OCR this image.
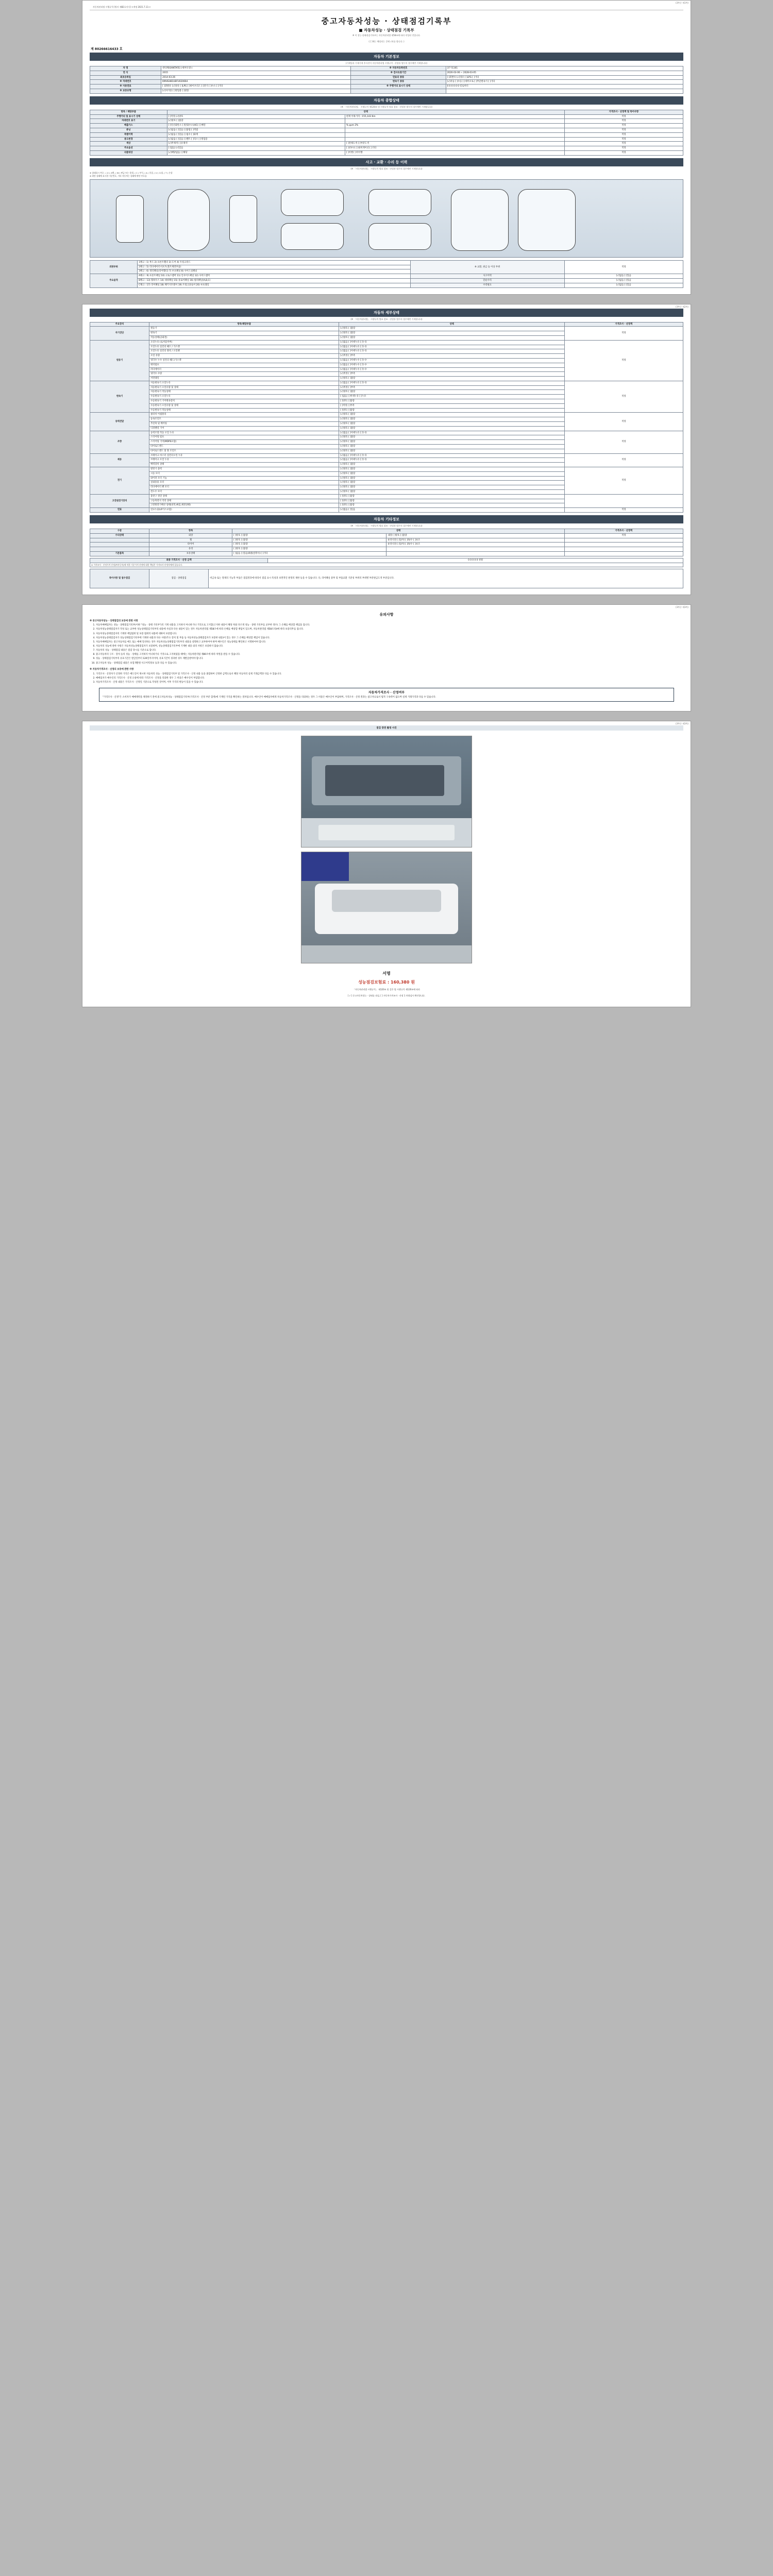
(3쪽중 제1쪽)
자동차관리법 시행규칙 [별지 제82호서식] <개정 2021.7.13.>
중고자동차성능 · 상태점검기록부
■ 자동차성능 · 상태점검 기록부
※ 이 성능·상태점검기록부는 자동차관리법 제58조에 따라 작성된 것입니다.
( [ ]에는 해당되는 곳에 √표를 합니다. )
제 80266616433 호
자동차 기본정보
(기재일과 기재기재 후사진이 자동차관리법 시행규칙 · 산업통 법무의 경우에만 기재합니다)
차 명	싼타페(SANTAFE) (세부모델-)	※ 자동차등록번호	37가1161
연 식	2015	※ 검사유효기간	2026-03-06 ~ 2028-03-05
최초등록일	2014-03-26	연료의 종류	[ ]휘발유 [√]경유 [ ]LPG [ ]기타
※ 차대번호	KMHSH81UBFU020664	변속기 종류	[√]자동 [ ]수동 [ ]세미오토 [ ]무단변속기 [ ]기타
※ 사용연료	[ ]휘발유 [√]경유 [ ]LPG [ ]하이브리드 [ ]전기 [ ]수소 [ ]기타	※ 주행거리 표시기 상태	0 0 0 0 0 0 킬로미터
※ 보증유형	[√]자가용 [ ]영업용 [ ]관용		
자동차 종합상태
(※ 「자동차관리법」 시행규칙 제120조 및 시행규칙 별표 참조 · 산업통 법무의 경우에만 기재합니다)
항목 / 해당부품	상태		가격조사 · 산정액 및 특이사항
주행거리 및 표시기 상태	[ ]적정 [√]양호	현재 이륙거리 : 155,143 Km	적정
차대번호 표기	[√]양호 [ ]불량		적정
배출가스	[ ]일산화탄소 [ ]탄화수소(HC) [ ]매연	% ppm 2%	적정
튜닝	[√]없음 [ ]있음 [ ]불법 [ ]적법		적정
특별이력	[√]없음 [ ]있음 [ ]침수 [ ]화재		적정
용도변경	[√]없음 [ ]있음 [ ]렌트 [ ]리스 [ ]영업용		적정
색상	[√]무채색 [ ]유채색	[ ]전체도색 [ ]부분도색	적정
주요옵션	[ ]없음 [√]있음	[ ]선루프 [ ]내비게이션 [ ]기타	적정
리콜대상	[√]해당없음 [ ]해당	[ ]이행 [ ]미이행	적정
사고 · 교환 · 수리 등 이력
(※ 「자동차관리법」 시행규칙 별표 참조 · 산업통 법무의 경우에만 기재합니다)
※ 상태표시 부호 : ( X ) 교환, ( W ) 판금 또는 용접, ( C ) 부식, ( A ) 흠집, ( U ) 요철, ( T ) 손상
※ 하단 상태에 표시한 기준번호, 기타 자동차는 상태에 판단 부호를
외판부위	1랭크 : 1) 후드 2) 프론트휀더 3) 도어 4) 트렁크리드	※ 교환, 판금 등 이상 부위	적정
	2랭크 : 5) 라디에이터서포트(볼트체결부품)		
	3랭크 : 6) 쿼터패널(리어휀더) 7) 루프패널 8) 사이드실패널		
주요골격	A랭크 : 9) 프론트패널 10) 크로스멤버 11) 인사이드패널 12) 사이드멤버	사고이력	[√]없음 [ ]있음
	B랭크 : 13) 휠하우스 14) 대쉬패널 15) 플로어패널 16) 필러패널(A,B,C)	단순수리	[√]없음 [ ]있음
	C랭크 : 17) 리어패널 18) 패키지트레이 19) 트렁크플로어 20) 루프레일	수리필요	[√]없음 [ ]있음
(3쪽중 제2쪽)
자동차 세부상태
(※ 「자동차관리법」 시행규칙 별표 참조 · 산업통 법무의 경우에만 기재합니다)
주요장치	항목/해당부품	상태	가격조사 · 산정액
자기진단	원동기	[√]양호 [ ]불량	적정
	변속기	[√]양호 [ ]불량	
	작동상태(공회전)	[√]양호 [ ]불량	
원동기	오일누유 (로커암커버)	[√]없음 [ ]미세누유 [ ]누유	적정
	오일누유 실린더 헤드 / 가스켓	[√]없음 [ ]미세누유 [ ]누유	
	오일누유 실린더 블록 / 오일팬	[√]없음 [ ]미세누유 [ ]누유	
	오일 유량	[√]적정 [ ]부족	
	냉각수 누수 실린더 헤드/가스켓	[√]없음 [ ]미세누수 [ ]누수	
	워터펌프	[√]없음 [ ]미세누수 [ ]누수	
	라디에이터	[√]없음 [ ]미세누수 [ ]누수	
	냉각수 수량	[√]적정 [ ]부족	
	커먼레일	[√]양호 [ ]불량	
변속기	자동변속기 오일누유	[√]없음 [ ]미세누유 [ ]누유	적정
	자동변속기 오일유량 및 상태	[√]적정 [ ]부족	
	자동변속기 작동상태	[√]양호 [ ]불량	
	수동변속기 오일누유	[ ]없음 [ ]미세누유 [ ]누유	
	수동변속기 기어변속장치	[ ]양호 [ ]불량	
	수동변속기 오일유량 및 상태	[ ]적정 [ ]부족	
	수동변속기 작동상태	[ ]양호 [ ]불량	
동력전달	클러치 어셈블리	[√]양호 [ ]불량	적정
	등속조인트	[√]양호 [ ]불량	
	추진축 및 베어링	[√]양호 [ ]불량	
	디퍼렌셜 기어	[√]양호 [ ]불량	
조향	동력조향 작동 오일 누유	[√]없음 [ ]미세누유 [ ]누유	적정
	스티어링 펌프	[√]양호 [ ]불량	
	스티어링 기어(MDPS포함)	[√]양호 [ ]불량	
	타이로드엔드	[√]양호 [ ]불량	
	타이로드앤드 및 볼 조인트	[√]양호 [ ]불량	
제동	브레이크 마스터 실린더오일 누유	[√]없음 [ ]미세누유 [ ]누유	적정
	브레이크 오일 누유	[√]없음 [ ]미세누유 [ ]누유	
	배력장치 상태	[√]양호 [ ]불량	
전기	발전기 출력	[√]양호 [ ]불량	적정
	시동 모터	[√]양호 [ ]불량	
	와이퍼 모터 기능	[√]양호 [ ]불량	
	실내송풍 모터	[√]양호 [ ]불량	
	라디에이터 팬 모터	[√]양호 [ ]불량	
	윈도우 모터	[√]양호 [ ]불량	
고전원전기장치	충전구 절연 상태	[ ]양호 [ ]불량	
	구동축전지 격리 상태	[ ]양호 [ ]불량	
	고전원전기배선 상태(피복,빠짐,체결상태)	[ ]양호 [ ]불량	
연료	연료누출(LP가스포함)	[√]없음 [ ]있음	적정
자동차 기타정보
(※ 「자동차관리법」 시행규칙 별표 참조 · 산업통 법무의 경우에만 기재합니다)
구분	항목	상태		가격조사 · 산정액
수리상태	외장	[ ]양호 [ ]불량	내장 [ ]양호 [ ]불량	적정
	휠	[ ]양호 [ ]불량	운전석전 [ ]앞/뒤 [ ]좌/우 [ ]보조	
	타이어	[ ]양호 [ ]불량	운전석전 [ ]앞/뒤 [ ]좌/우 [ ]보조	
	유리	[ ]양호 [ ]불량		
기본품목	보유상태	[ ]없음 [ ]있음(取扱설명서) [ ]기타		
최종 가격조사 · 산정 금액	0 0 0 0 0 천원
※ 가격조사 · 산정가격 산정(㈜자동차)에 의한 기준가격 산정에 대한 책임은 가격조사·산정자에게 있습니다.
특이사항 및 침수점검	점검 · 상태점검	비금속 또는 철제의 기능작 부품은 점검결과에 따라서 점검 표시 특성과 보면적인 판경의 제한 등을 수 있습니다. 다, 리어패널 중후 및 부품교환 기준성 부위의 부위별 부분판금도색 부분입니다.
(3쪽중 제3쪽)
유의사항
※ 중고자동차성능 · 상태점검의 보증에 관한 사항
1. 자동차매매업자는 성능 · 상태점검기록부(이하 "성능 · 상태 기록부")의 기재 내용을 고지하지 아니하거나 거짓으로 고지할(고지한 내용이 해당 차와 다르게 성능 · 상태 기록부를 교부한 경우) 그 손해를 배상할 책임을 집니다.
2. 자동차성능상태점검자가 작성 또는 교부한 성능상태점검기록부의 내용에 사실과 다른 내용이 있는 경우 자동차관리법 제58조에 따라 손해를 배상할 책임이 있으며, 자동차관리법 제58조의4에 따라 보증의무를 집니다.
3. 자동차성능상태점검자의 기재한 책임범위 및 보증 범위의 내용에 대하여 보증합니다.
4. 자동차성능상태점검자가 성능상태점검기록부에 기재한 내용과 다른 사항(주요 장치 및 부품 등 자동차성능상태점검자가 보증한 내용)이 있는 경우 그 손해를 배상할 책임이 있습니다.
5. 자동차매매업자는 중고자동차를 매도 또는 매매 알선하는 경우 자동차성능상태점검기록부의 내용을 설명하고 교부하여야 하며 매수인은 성능상태를 확인하고 서명하여야 합니다.
6. 자동차의 성능에 관한 사항은 자동차성능상태점검자가 보증하며, 성능상태점검기록부에 기재한 내용 외의 사항은 보증하지 않습니다.
7. 자동차의 성능 · 상태점검 내용은 점검 당시를 기준으로 합니다.
8. 중고자동차의 구조 · 장치 등의 성능 · 상태를 고지하지 아니하거나 거짓으로 고지하였을 때에는 자동차관리법 제80조에 따라 처벌을 받을 수 있습니다.
9. 성능 · 상태점검기록부의 유효기간은 발급일부터 120일까지이며, 유효기간이 경과한 경우 재발급받아야 합니다.
10. 중고자동차 성능 · 상태점검 내용은 보험개발원 사고이력정보 등과 다를 수 있습니다.
※ 자동차가격조사 · 산정의 보증에 관한 사항
1. 가격조사 · 산정자가 산정한 가격은 매도인이 제시한 자동차의 성능 · 상태점검기록부 및 가격조사 · 산정 내용 등을 종합하여 산정한 금액으로서 해당 자동차의 실제 거래금액과 다를 수 있습니다.
2. 매매업자가 매수인의 가격조사 · 산정 요청에 따라 가격조사 · 산정을 의뢰한 경우 그 비용은 매수인이 부담합니다.
3. 자동차가격조사 · 산정 내용은 가격조사 · 산정일 기준으로 작성된 것이며, 이후 가격의 변동이 있을 수 있습니다.
자동차가격조사 · 산정여부
"가격조사 · 산정"은 소비자가 매매계약을 체결하기 전에 중고자동차성능 · 상태점검기록부(가격조사 · 산정 부분 합계)에 기재된 가격을 확인하는 절차입니다. 매수인이 매매업자에게 자동차가격조사 · 산정을 의뢰하는 경우 그 비용은 매수인이 부담하며, 가격조사 · 산정 결과는 참고자료로서 법적 구속력이 없으며 실제 거래가격과 다를 수 있습니다.
(3쪽중 제3쪽)
점검 장면 촬영 사진
서명
성능점검보험료 : 160,380 원
「자동차관리법 시행규칙」 제120조 및 같은 법 시행규칙 제120조에 따라
[ √ ] 중고자동차성능 · 상태를 점검, [ ] 자동차가격조사 · 산정 1 차량검사 확인합니다.
